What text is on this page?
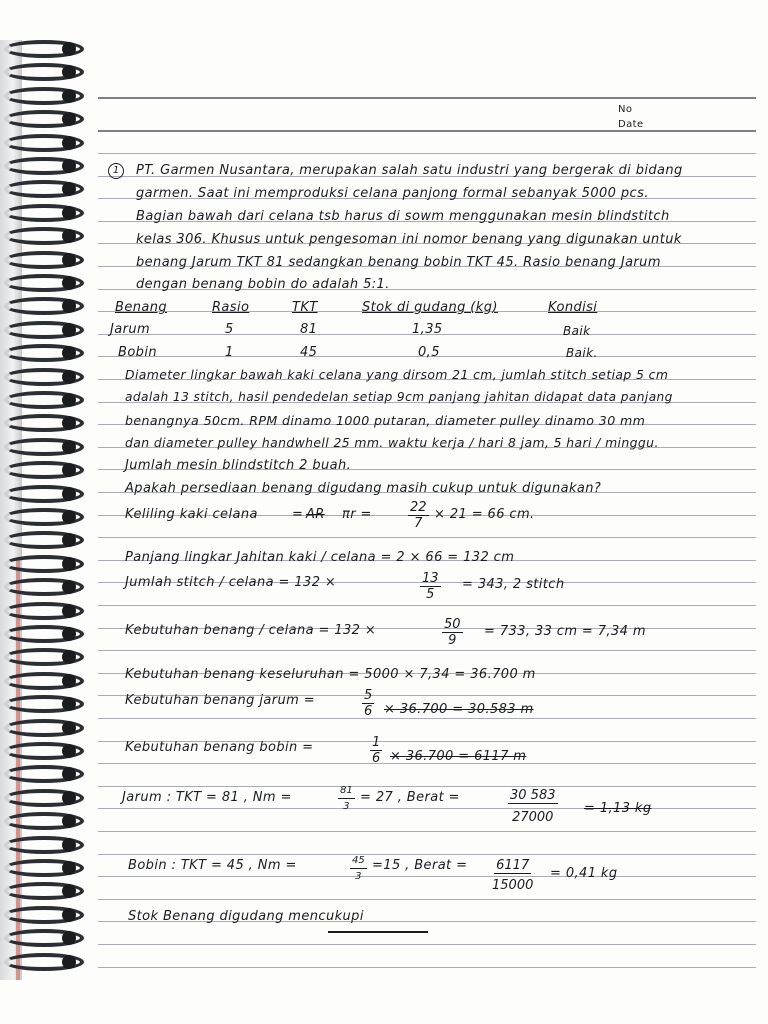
No
Date
1	PT. Garmen Nusantara, merupakan salah satu industri yang bergerak di bidang
garmen. Saat ini memproduksi celana panjong formal sebanyak 5000 pcs.
Bagian bawah dari celana tsb harus di sowm menggunakan mesin blindstitch
kelas 306. Khusus untuk pengesoman ini nomor benang yang digunakan untuk
benang Jarum TKT 81 sedangkan benang bobin TKT 45. Rasio benang Jarum
dengan benang bobin do adalah 5:1.
Benang	Rasio	TKT	Stok di gudang (kg)	Kondisi
Jarum	5	81	1,35	Baik
Bobin	1	45	0,5	Baik.
Diameter lingkar bawah kaki celana yang dirsom 21 cm, jumlah stitch setiap 5 cm
adalah 13 stitch, hasil pendedelan setiap 9cm panjang jahitan didapat data panjang
benangnya 50cm. RPM dinamo 1000 putaran, diameter pulley dinamo 30 mm
dan diameter pulley handwhell 25 mm. waktu kerja / hari 8 jam, 5 hari / minggu.
Jumlah mesin blindstitch 2 buah.
Apakah persediaan benang digudang masih cukup untuk digunakan?
Keliling kaki celana	= AR πr =	$\frac{22}{7} \times 21 = 66$ cm.
Panjang lingkar Jahitan kaki / celana = 2 × 66 = 132 cm
Jumlah stitch / celana = 132 ×	$\frac{13}{5} = 343$, 2 stitch
Kebutuhan benang / celana = 132 ×	$\frac{50}{9} = 733$, 33 cm = 7,34 m
Kebutuhan benang keseluruhan = 5000 × 7,34 = 36.700 m
Kebutuhan benang jarum =	$\frac{5}{6} \times 36.700 = 30.583$ m
Kebutuhan benang bobin =	$\frac{1}{6} \times 36.700 = 6117$ m
Jarum : TKT = 81 , Nm =	$\frac{81}{3} = 27$ , Berat =	$\frac{30 583}{27000} = 1,13$ kg
Bobin : TKT = 45 , Nm =	$\frac{45}{3} =15$ , Berat = $\frac{6117}{15000} = 0,41$ kg
Stok Benang digudang mencukupi
